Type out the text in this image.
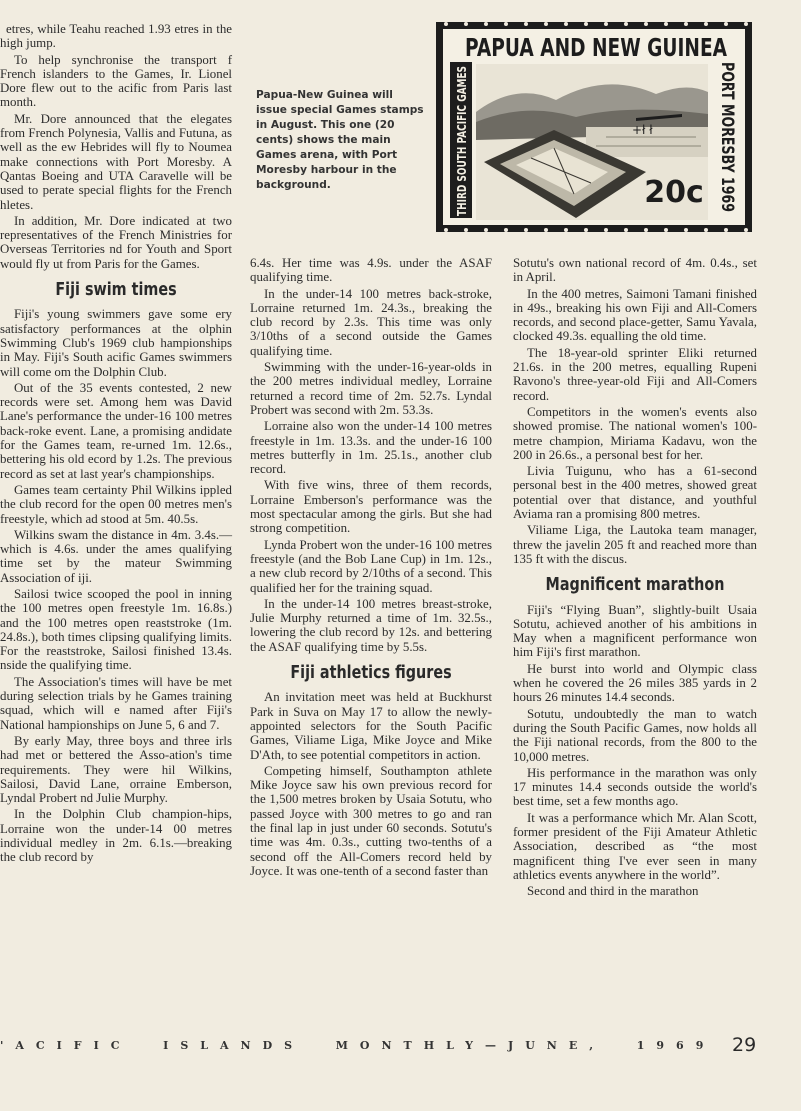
etres, while Teahu reached 1.93 etres in the high jump.

To help synchronise the transport f French islanders to the Games, Ir. Lionel Dore flew out to the acific from Paris last month.

Mr. Dore announced that the elegates from French Polynesia, Vallis and Futuna, as well as the ew Hebrides will fly to Noumea make connections with Port Moresby. A Qantas Boeing and UTA Caravelle will be used to perate special flights for the French hletes.

In addition, Mr. Dore indicated at two representatives of the French Ministries for Overseas Territories nd for Youth and Sport would fly ut from Paris for the Games.

Fiji swim times

Fiji's young swimmers gave some ery satisfactory performances at the olphin Swimming Club's 1969 club hampionships in May. Fiji's South acific Games swimmers will come om the Dolphin Club.

Out of the 35 events contested, 2 new records were set. Among hem was David Lane's performance the under-16 100 metres back-roke event. Lane, a promising andidate for the Games team, re-urned 1m. 12.6s., bettering his old ecord by 1.2s. The previous record as set at last year's championships.

Games team certainty Phil Wilkins ippled the club record for the open 00 metres men's freestyle, which ad stood at 5m. 40.5s.

Wilkins swam the distance in 4m. 3.4s.—which is 4.6s. under the ames qualifying time set by the mateur Swimming Association of iji.

Sailosi twice scooped the pool in inning the 100 metres open freestyle 1m. 16.8s.) and the 100 metres open reaststroke (1m. 24.8s.), both times clipsing qualifying limits. For the reaststroke, Sailosi finished 13.4s. nside the qualifying time.

The Association's times will have be met during selection trials by he Games training squad, which will e named after Fiji's National hampionships on June 5, 6 and 7.

By early May, three boys and three irls had met or bettered the Asso-ation's time requirements. They were hil Wilkins, Sailosi, David Lane, orraine Emberson, Lyndal Probert nd Julie Murphy.

In the Dolphin Club champion-hips, Lorraine won the under-14 00 metres individual medley in 2m. 6.1s.—breaking the club record by

Papua-New Guinea will issue special Games stamps in August. This one (20 cents) shows the main Games arena, with Port Moresby harbour in the background.
PAPUA AND NEW GUINEA
THIRD SOUTH PACIFIC GAMES	PORT MORESBY 1969
+ł ł
20c

6.4s. Her time was 4.9s. under the ASAF qualifying time.

In the under-14 100 metres back-stroke, Lorraine returned 1m. 24.3s., breaking the club record by 2.3s. This time was only 3/10ths of a second outside the Games qualifying time.

Swimming with the under-16-year-olds in the 200 metres individual medley, Lorraine returned a record time of 2m. 52.7s. Lyndal Probert was second with 2m. 53.3s.

Lorraine also won the under-14 100 metres freestyle in 1m. 13.3s. and the under-16 100 metres butterfly in 1m. 25.1s., another club record.

With five wins, three of them records, Lorraine Emberson's performance was the most spectacular among the girls. But she had strong competition.

Lynda Probert won the under-16 100 metres freestyle (and the Bob Lane Cup) in 1m. 12s., a new club record by 2/10ths of a second. This qualified her for the training squad.

In the under-14 100 metres breast-stroke, Julie Murphy returned a time of 1m. 32.5s., lowering the club record by 12s. and bettering the ASAF qualifying time by 5.5s.

Fiji athletics figures

An invitation meet was held at Buckhurst Park in Suva on May 17 to allow the newly-appointed selectors for the South Pacific Games, Viliame Liga, Mike Joyce and Mike D'Ath, to see potential competitors in action.

Competing himself, Southampton athlete Mike Joyce saw his own previous record for the 1,500 metres broken by Usaia Sotutu, who passed Joyce with 300 metres to go and ran the final lap in just under 60 seconds. Sotutu's time was 4m. 0.3s., cutting two-tenths of a second off the All-Comers record held by Joyce. It was one-tenth of a second faster than

Sotutu's own national record of 4m. 0.4s., set in April.

In the 400 metres, Saimoni Tamani finished in 49s., breaking his own Fiji and All-Comers records, and second place-getter, Samu Yavala, clocked 49.3s. equalling the old time.

The 18-year-old sprinter Eliki returned 21.6s. in the 200 metres, equalling Rupeni Ravono's three-year-old Fiji and All-Comers record.

Competitors in the women's events also showed promise. The national women's 100-metre champion, Miriama Kadavu, won the 200 in 26.6s., a personal best for her.

Livia Tuigunu, who has a 61-second personal best in the 400 metres, showed great potential over that distance, and youthful Aviama ran a promising 800 metres.

Viliame Liga, the Lautoka team manager, threw the javelin 205 ft and reached more than 135 ft with the discus.

Magnificent marathon

Fiji's “Flying Buan”, slightly-built Usaia Sotutu, achieved another of his ambitions in May when a magnificent performance won him Fiji's first marathon.

He burst into world and Olympic class when he covered the 26 miles 385 yards in 2 hours 26 minutes 14.4 seconds.

Sotutu, undoubtedly the man to watch during the South Pacific Games, now holds all the Fiji national records, from the 800 to the 10,000 metres.

His performance in the marathon was only 17 minutes 14.4 seconds outside the world's best time, set a few months ago.

It was a performance which Mr. Alan Scott, former president of the Fiji Amateur Athletic Association, described as “the most magnificent thing I've ever seen in many athletics events anywhere in the world”.

Second and third in the marathon

'ACIFIC  ISLANDS  MONTHLY—JUNE,  1969 29
